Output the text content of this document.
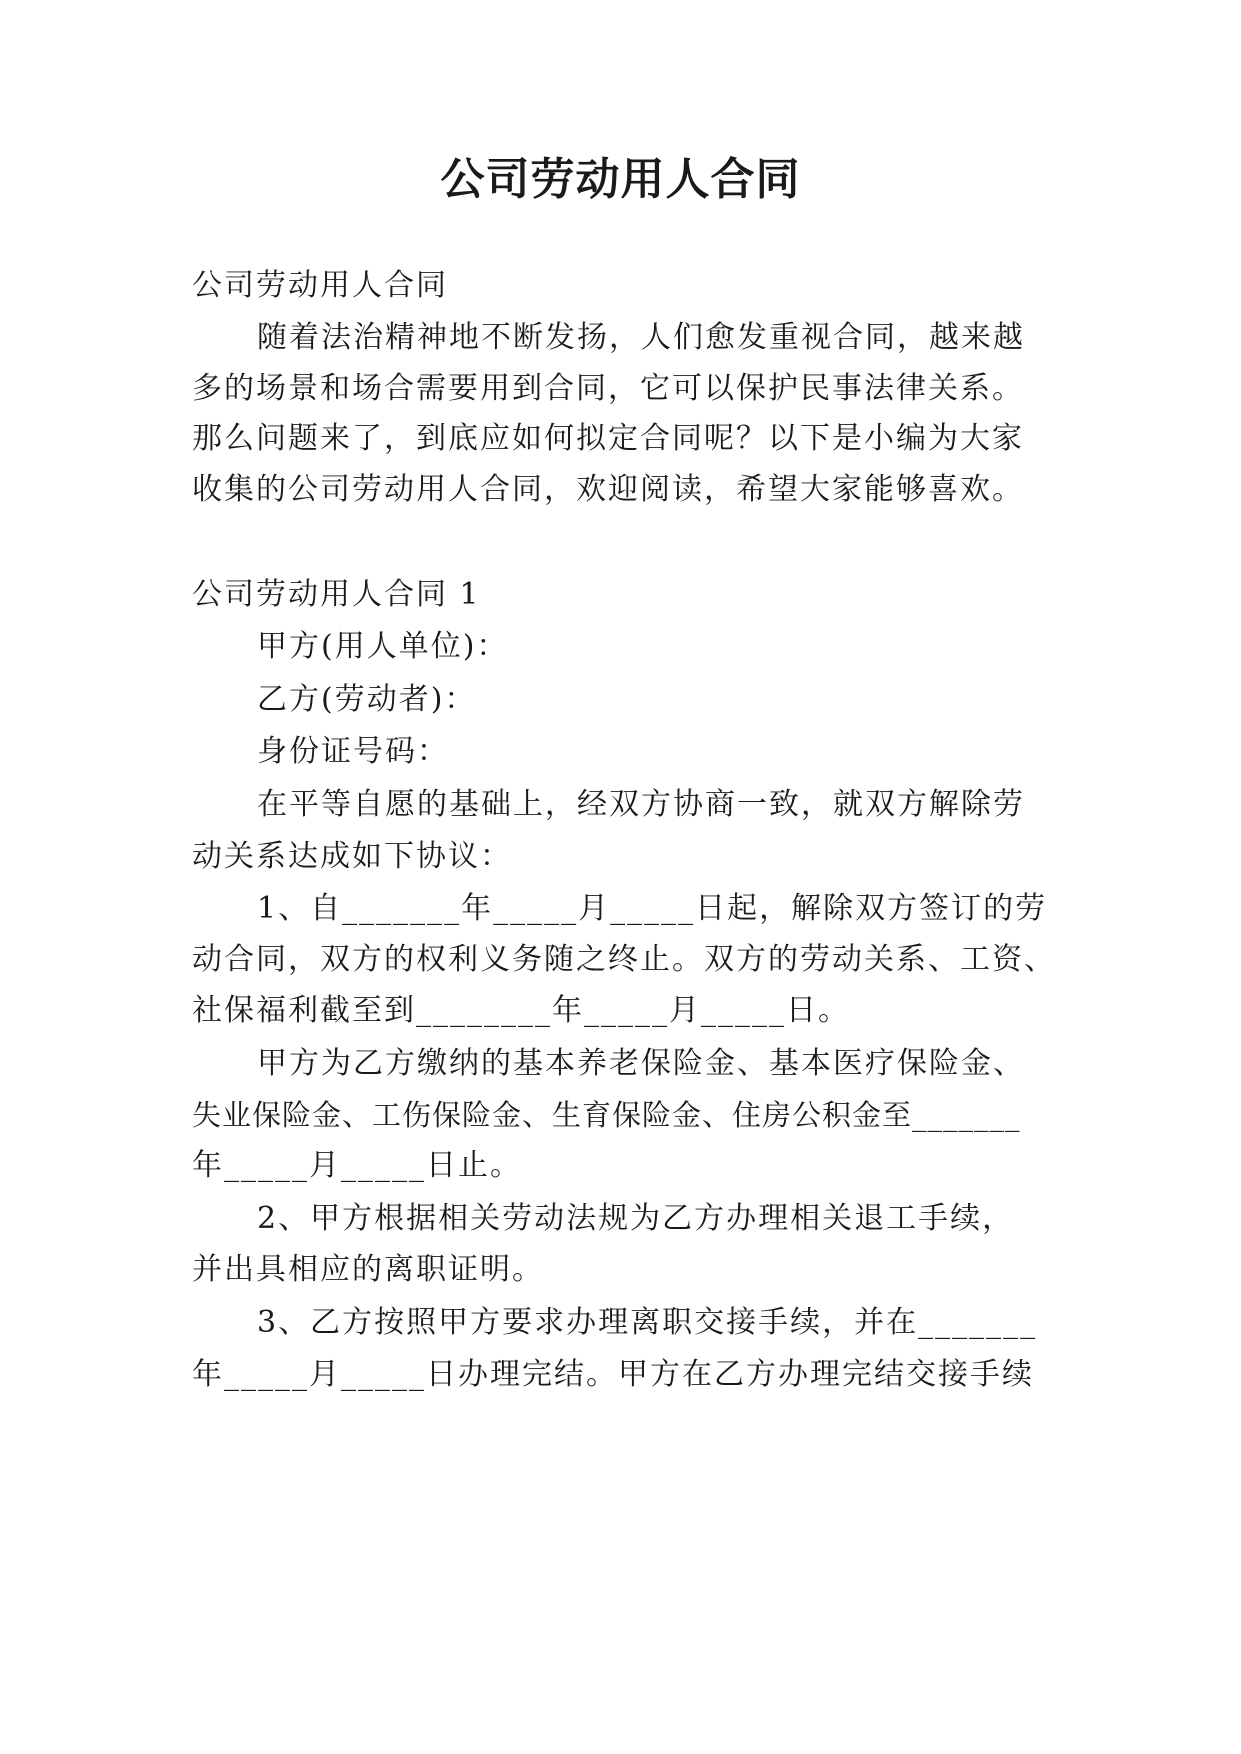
公司劳动用人合同

公司劳动用人合同

随着法治精神地不断发扬，人们愈发重视合同，越来越

多的场景和场合需要用到合同，它可以保护民事法律关系。

那么问题来了，到底应如何拟定合同呢？以下是小编为大家

收集的公司劳动用人合同，欢迎阅读，希望大家能够喜欢。

公司劳动用人合同 1

甲方(用人单位)：

乙方(劳动者)：

身份证号码：

在平等自愿的基础上，经双方协商一致，就双方解除劳

动关系达成如下协议：

1、自_______年_____月_____日起，解除双方签订的劳

动合同，双方的权利义务随之终止。双方的劳动关系、工资、

社保福利截至到________年_____月_____日。

甲方为乙方缴纳的基本养老保险金、基本医疗保险金、

失业保险金、工伤保险金、生育保险金、住房公积金至_______

年_____月_____日止。

2、甲方根据相关劳动法规为乙方办理相关退工手续，

并出具相应的离职证明。

3、乙方按照甲方要求办理离职交接手续，并在_______

年_____月_____日办理完结。甲方在乙方办理完结交接手续
